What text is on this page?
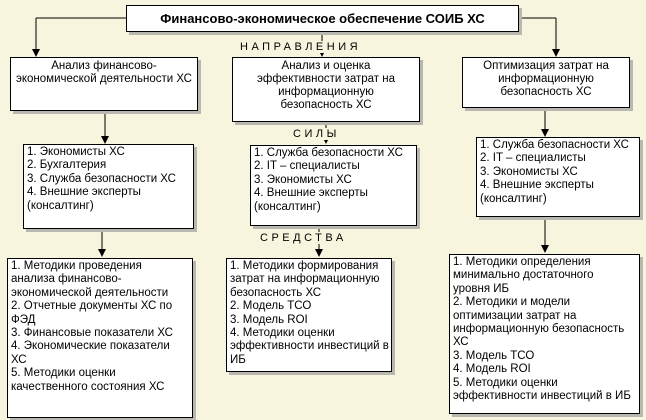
Финансово-экономическое обеспечение СОИБ ХС
НАПРАВЛЕНИЯ
СИЛЫ
СРЕДСТВА
Анализ финансово-экономической деятельности ХС
Анализ и оценка эффективности затрат на информационную безопасность ХС
Оптимизация затрат на информационную безопасность ХС
1. Экономисты ХС
2. Бухгалтерия
3. Служба безопасности ХС
4. Внешние эксперты
(консалтинг)
1. Служба безопасности ХС
2. IT – специалисты
3. Экономисты ХС
4. Внешние эксперты
(консалтинг)
1. Служба безопасности ХС
2. IT – специалисты
3. Экономисты ХС
4. Внешние эксперты
(консалтинг)
1. Методики проведения
анализа финансово-
экономической деятельности
2. Отчетные документы ХС по
ФЭД
3. Финансовые показатели ХС
4. Экономические показатели
ХС
5. Методики оценки
качественного состояния ХС
1. Методики формирования
затрат на информационную
безопасность ХС
2. Модель ТСО
3. Модель ROI
4. Методики оценки
эффективности инвестиций в
ИБ
1. Методики определения
минимально достаточного
уровня ИБ
2. Методики и модели
оптимизации затрат на
информационную безопасность
ХС
3. Модель ТСО
4. Модель ROI
5. Методики оценки
эффективности инвестиций в ИБ
